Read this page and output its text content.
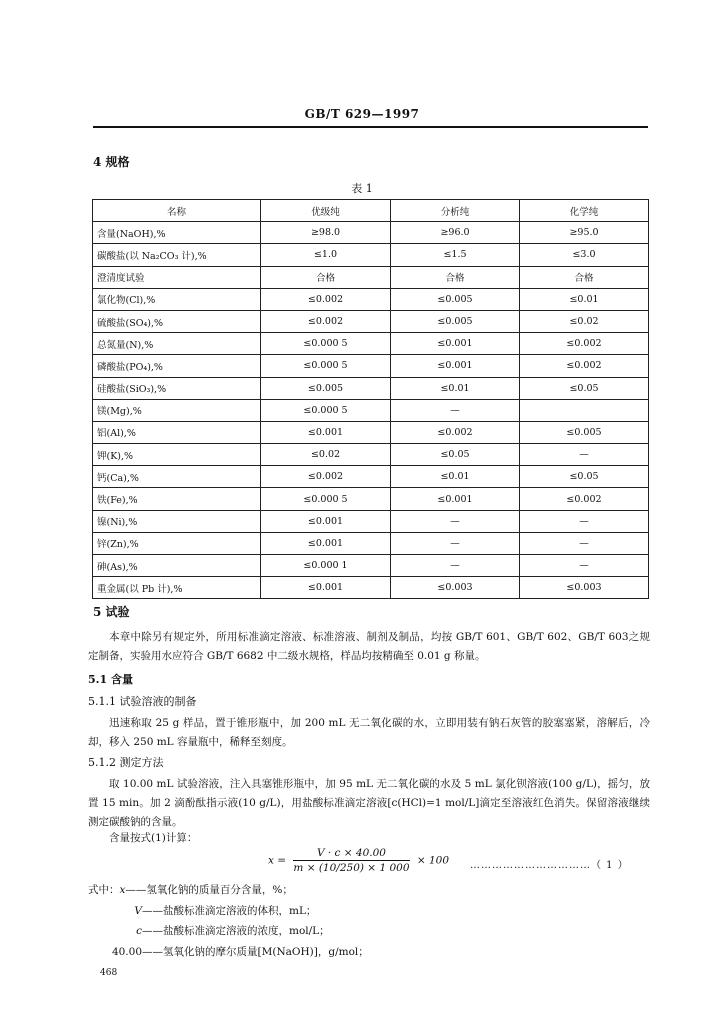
GB/T 629—1997
4 规格
表 1
名称	优级纯	分析纯	化学纯
含量(NaOH),%	≥98.0	≥96.0	≥95.0
碳酸盐(以 Na₂CO₃ 计),%	≤1.0	≤1.5	≤3.0
澄清度试验	合格	合格	合格
氯化物(Cl),%	≤0.002	≤0.005	≤0.01
硫酸盐(SO₄),%	≤0.002	≤0.005	≤0.02
总氮量(N),%	≤0.000 5	≤0.001	≤0.002
磷酸盐(PO₄),%	≤0.000 5	≤0.001	≤0.002
硅酸盐(SiO₃),%	≤0.005	≤0.01	≤0.05
镁(Mg),%	≤0.000 5	—	
铝(Al),%	≤0.001	≤0.002	≤0.005
钾(K),%	≤0.02	≤0.05	—
钙(Ca),%	≤0.002	≤0.01	≤0.05
铁(Fe),%	≤0.000 5	≤0.001	≤0.002
镍(Ni),%	≤0.001	—	—
锌(Zn),%	≤0.001	—	—
砷(As),%	≤0.000 1	—	—
重金属(以 Pb 计),%	≤0.001	≤0.003	≤0.003
5 试验
本章中除另有规定外，所用标准滴定溶液、标准溶液、制剂及制品，均按 GB/T 601、GB/T 602、GB/T 603之规定制备，实验用水应符合 GB/T 6682 中二级水规格，样品均按精确至 0.01 g 称量。
5.1 含量
5.1.1 试验溶液的制备
迅速称取 25 g 样品，置于锥形瓶中，加 200 mL 无二氧化碳的水，立即用装有钠石灰管的胶塞塞紧，溶解后，冷却，移入 250 mL 容量瓶中，稀释至刻度。
5.1.2 测定方法
取 10.00 mL 试验溶液，注入具塞锥形瓶中，加 95 mL 无二氧化碳的水及 5 mL 氯化钡溶液(100 g/L)，摇匀，放置 15 min。加 2 滴酚酞指示液(10 g/L)，用盐酸标准滴定溶液[c(HCl)=1 mol/L]滴定至溶液红色消失。保留溶液继续测定碳酸钠的含量。
含量按式(1)计算：
$x = \frac{V \cdot c \times 40.00}{m \times (10/250) \times 1 000} \times 100$ ……………………………（ 1 ）
式中：x——氢氧化钠的质量百分含量，%；
V——盐酸标准滴定溶液的体积，mL；
c——盐酸标准滴定溶液的浓度，mol/L；
40.00——氢氧化钠的摩尔质量[M(NaOH)]，g/mol；
468
